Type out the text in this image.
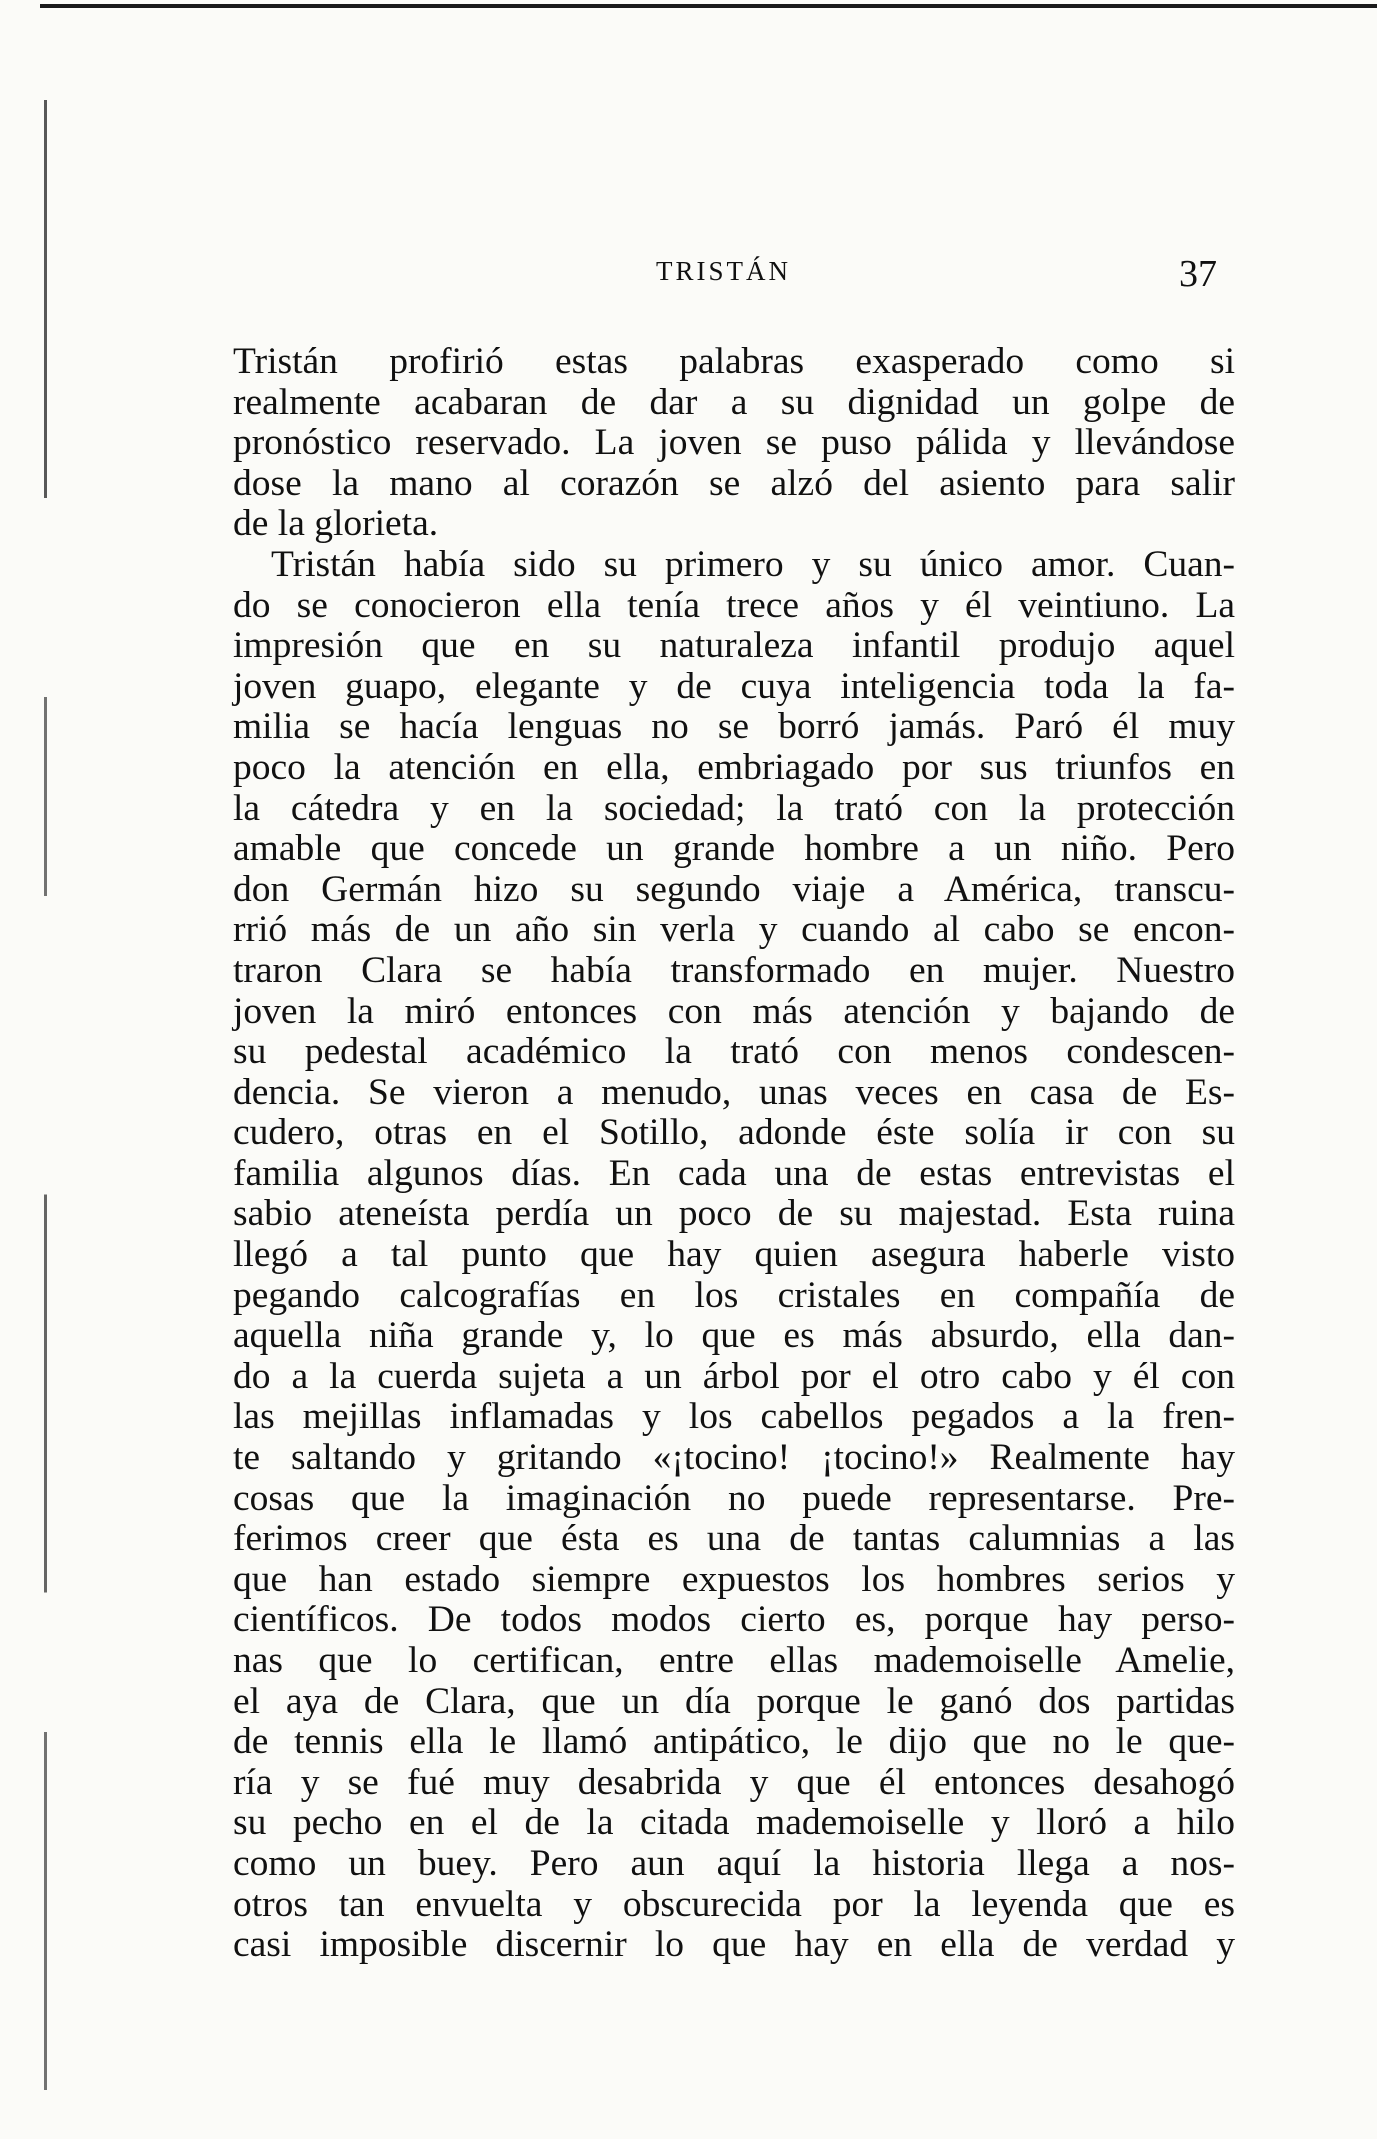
TRISTÁN	37

Tristán profirió estas palabras exasperado como si
realmente acabaran de dar a su dignidad un golpe de
pronóstico reservado. La joven se puso pálida y llevándose
dose la mano al corazón se alzó del asiento para salir
de la glorieta.

Tristán había sido su primero y su único amor. Cuan-
do se conocieron ella tenía trece años y él veintiuno. La
impresión que en su naturaleza infantil produjo aquel
joven guapo, elegante y de cuya inteligencia toda la fa-
milia se hacía lenguas no se borró jamás. Paró él muy
poco la atención en ella, embriagado por sus triunfos en
la cátedra y en la sociedad; la trató con la protección
amable que concede un grande hombre a un niño. Pero
don Germán hizo su segundo viaje a América, transcu-
rrió más de un año sin verla y cuando al cabo se encon-
traron Clara se había transformado en mujer. Nuestro
joven la miró entonces con más atención y bajando de
su pedestal académico la trató con menos condescen-
dencia. Se vieron a menudo, unas veces en casa de Es-
cudero, otras en el Sotillo, adonde éste solía ir con su
familia algunos días. En cada una de estas entrevistas el
sabio ateneísta perdía un poco de su majestad. Esta ruina
llegó a tal punto que hay quien asegura haberle visto
pegando calcografías en los cristales en compañía de
aquella niña grande y, lo que es más absurdo, ella dan-
do a la cuerda sujeta a un árbol por el otro cabo y él con
las mejillas inflamadas y los cabellos pegados a la fren-
te saltando y gritando «¡tocino! ¡tocino!» Realmente hay
cosas que la imaginación no puede representarse. Pre-
ferimos creer que ésta es una de tantas calumnias a las
que han estado siempre expuestos los hombres serios y
científicos. De todos modos cierto es, porque hay perso-
nas que lo certifican, entre ellas mademoiselle Amelie,
el aya de Clara, que un día porque le ganó dos partidas
de tennis ella le llamó antipático, le dijo que no le que-
ría y se fué muy desabrida y que él entonces desahogó
su pecho en el de la citada mademoiselle y lloró a hilo
como un buey. Pero aun aquí la historia llega a nos-
otros tan envuelta y obscurecida por la leyenda que es
casi imposible discernir lo que hay en ella de verdad y
